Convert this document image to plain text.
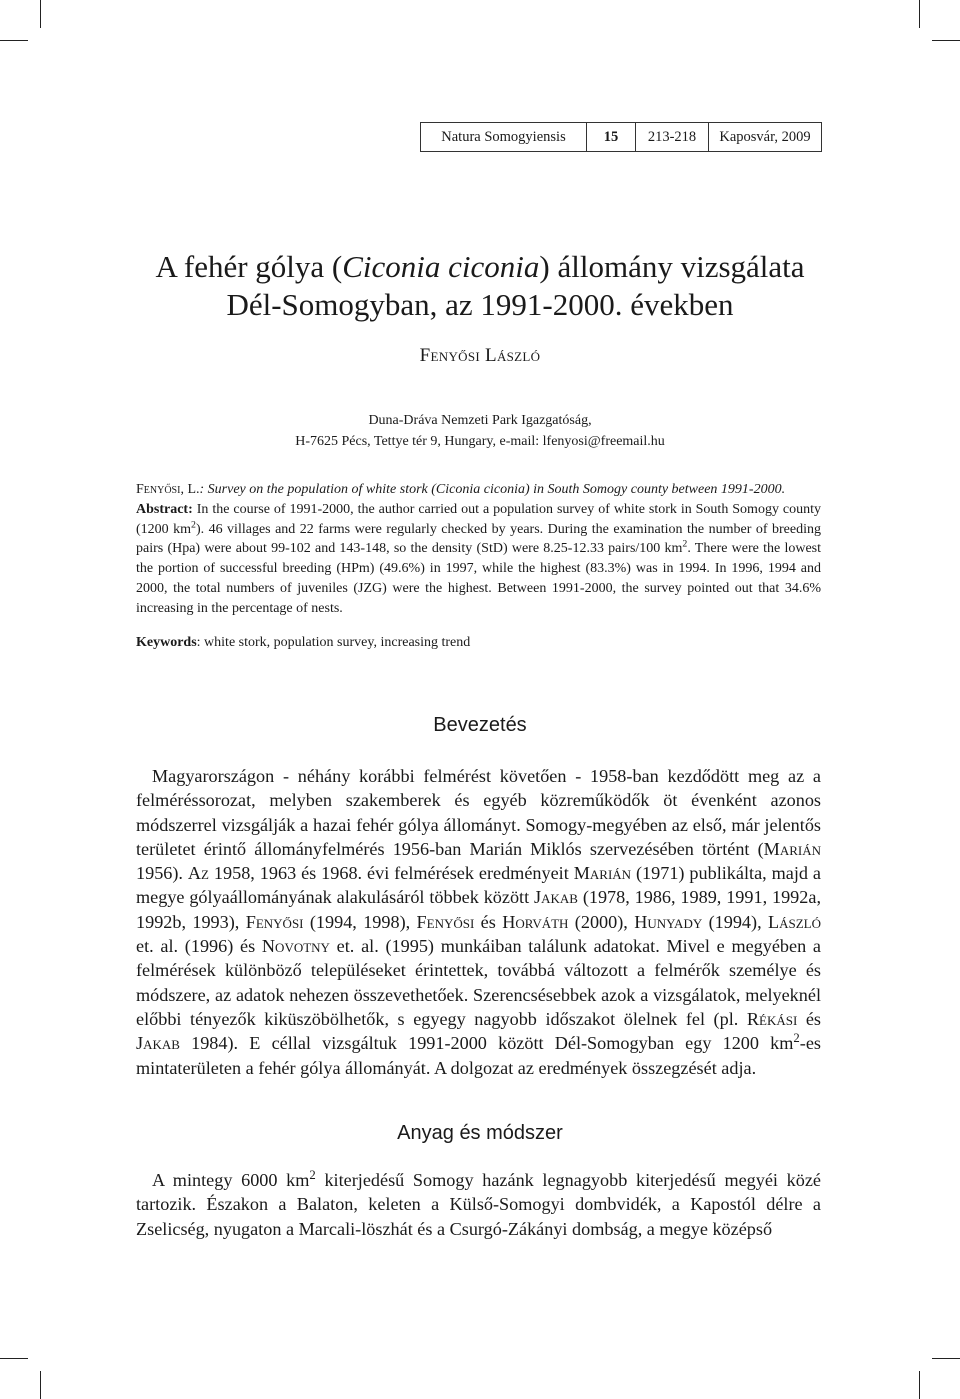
Natura Somogyiensis	15	213-218	Kaposvár, 2009
A fehér gólya (Ciconia ciconia) állomány vizsgálata
Dél-Somogyban, az 1991-2000. években
Fenyősi László
Duna-Dráva Nemzeti Park Igazgatóság,
H-7625 Pécs, Tettye tér 9, Hungary, e-mail: lfenyosi@freemail.hu

Fenyősi, L.: Survey on the population of white stork (Ciconia ciconia) in South Somogy county between 1991-2000.

Abstract: In the course of 1991-2000, the author carried out a population survey of white stork in South Somogy county (1200 $km^2$). 46 villages and 22 farms were regularly checked by years. During the examination the number of breeding pairs (Hpa) were about 99-102 and 143-148, so the density (StD) were 8.25-12.33 pairs/100 $km^2$. There were the lowest the portion of successful breeding (HPm) (49.6%) in 1997, while the highest (83.3%) was in 1994. In 1996, 1994 and 2000, the total numbers of juveniles (JZG) were the highest. Between 1991-2000, the survey pointed out that 34.6% increasing in the percentage of nests.

Keywords: white stork, population survey, increasing trend
Bevezetés

Magyarországon - néhány korábbi felmérést követően - 1958-ban kezdődött meg az a felméréssorozat, melyben szakemberek és egyéb közreműködők öt évenként azonos módszerrel vizsgálják a hazai fehér gólya állományt. Somogy-megyében az első, már jelentős területet érintő állományfelmérés 1956-ban Marián Miklós szervezésében történt (Marián 1956). Az 1958, 1963 és 1968. évi felmérések eredményeit Marián (1971) publikálta, majd a megye gólyaállományának alakulásáról többek között Jakab (1978, 1986, 1989, 1991, 1992a, 1992b, 1993), Fenyősi (1994, 1998), Fenyősi és Horváth (2000), Hunyady (1994), László et. al. (1996) és Novotny et. al. (1995) munkáiban találunk adatokat. Mivel e megyében a felmérések különböző településeket érintettek, továbbá változott a felmérők személye és módszere, az adatok nehezen összevethetőek. Szerencsésebbek azok a vizsgálatok, melyeknél előbbi tényezők kiküszöbölhetők, s egyegy nagyobb időszakot ölelnek fel (pl. Rékási és Jakab 1984). E céllal vizsgáltuk 1991-2000 között Dél-Somogyban egy 1200 $km^2-es$ mintaterületen a fehér gólya állományát. A dolgozat az eredmények összegzését adja.

Anyag és módszer

A mintegy 6000 $km^2$ kiterjedésű Somogy hazánk legnagyobb kiterjedésű megyéi közé tartozik. Északon a Balaton, keleten a Külső-Somogyi dombvidék, a Kapostól délre a Zselicség, nyugaton a Marcali-löszhát és a Csurgó-Zákányi dombság, a megye középső
